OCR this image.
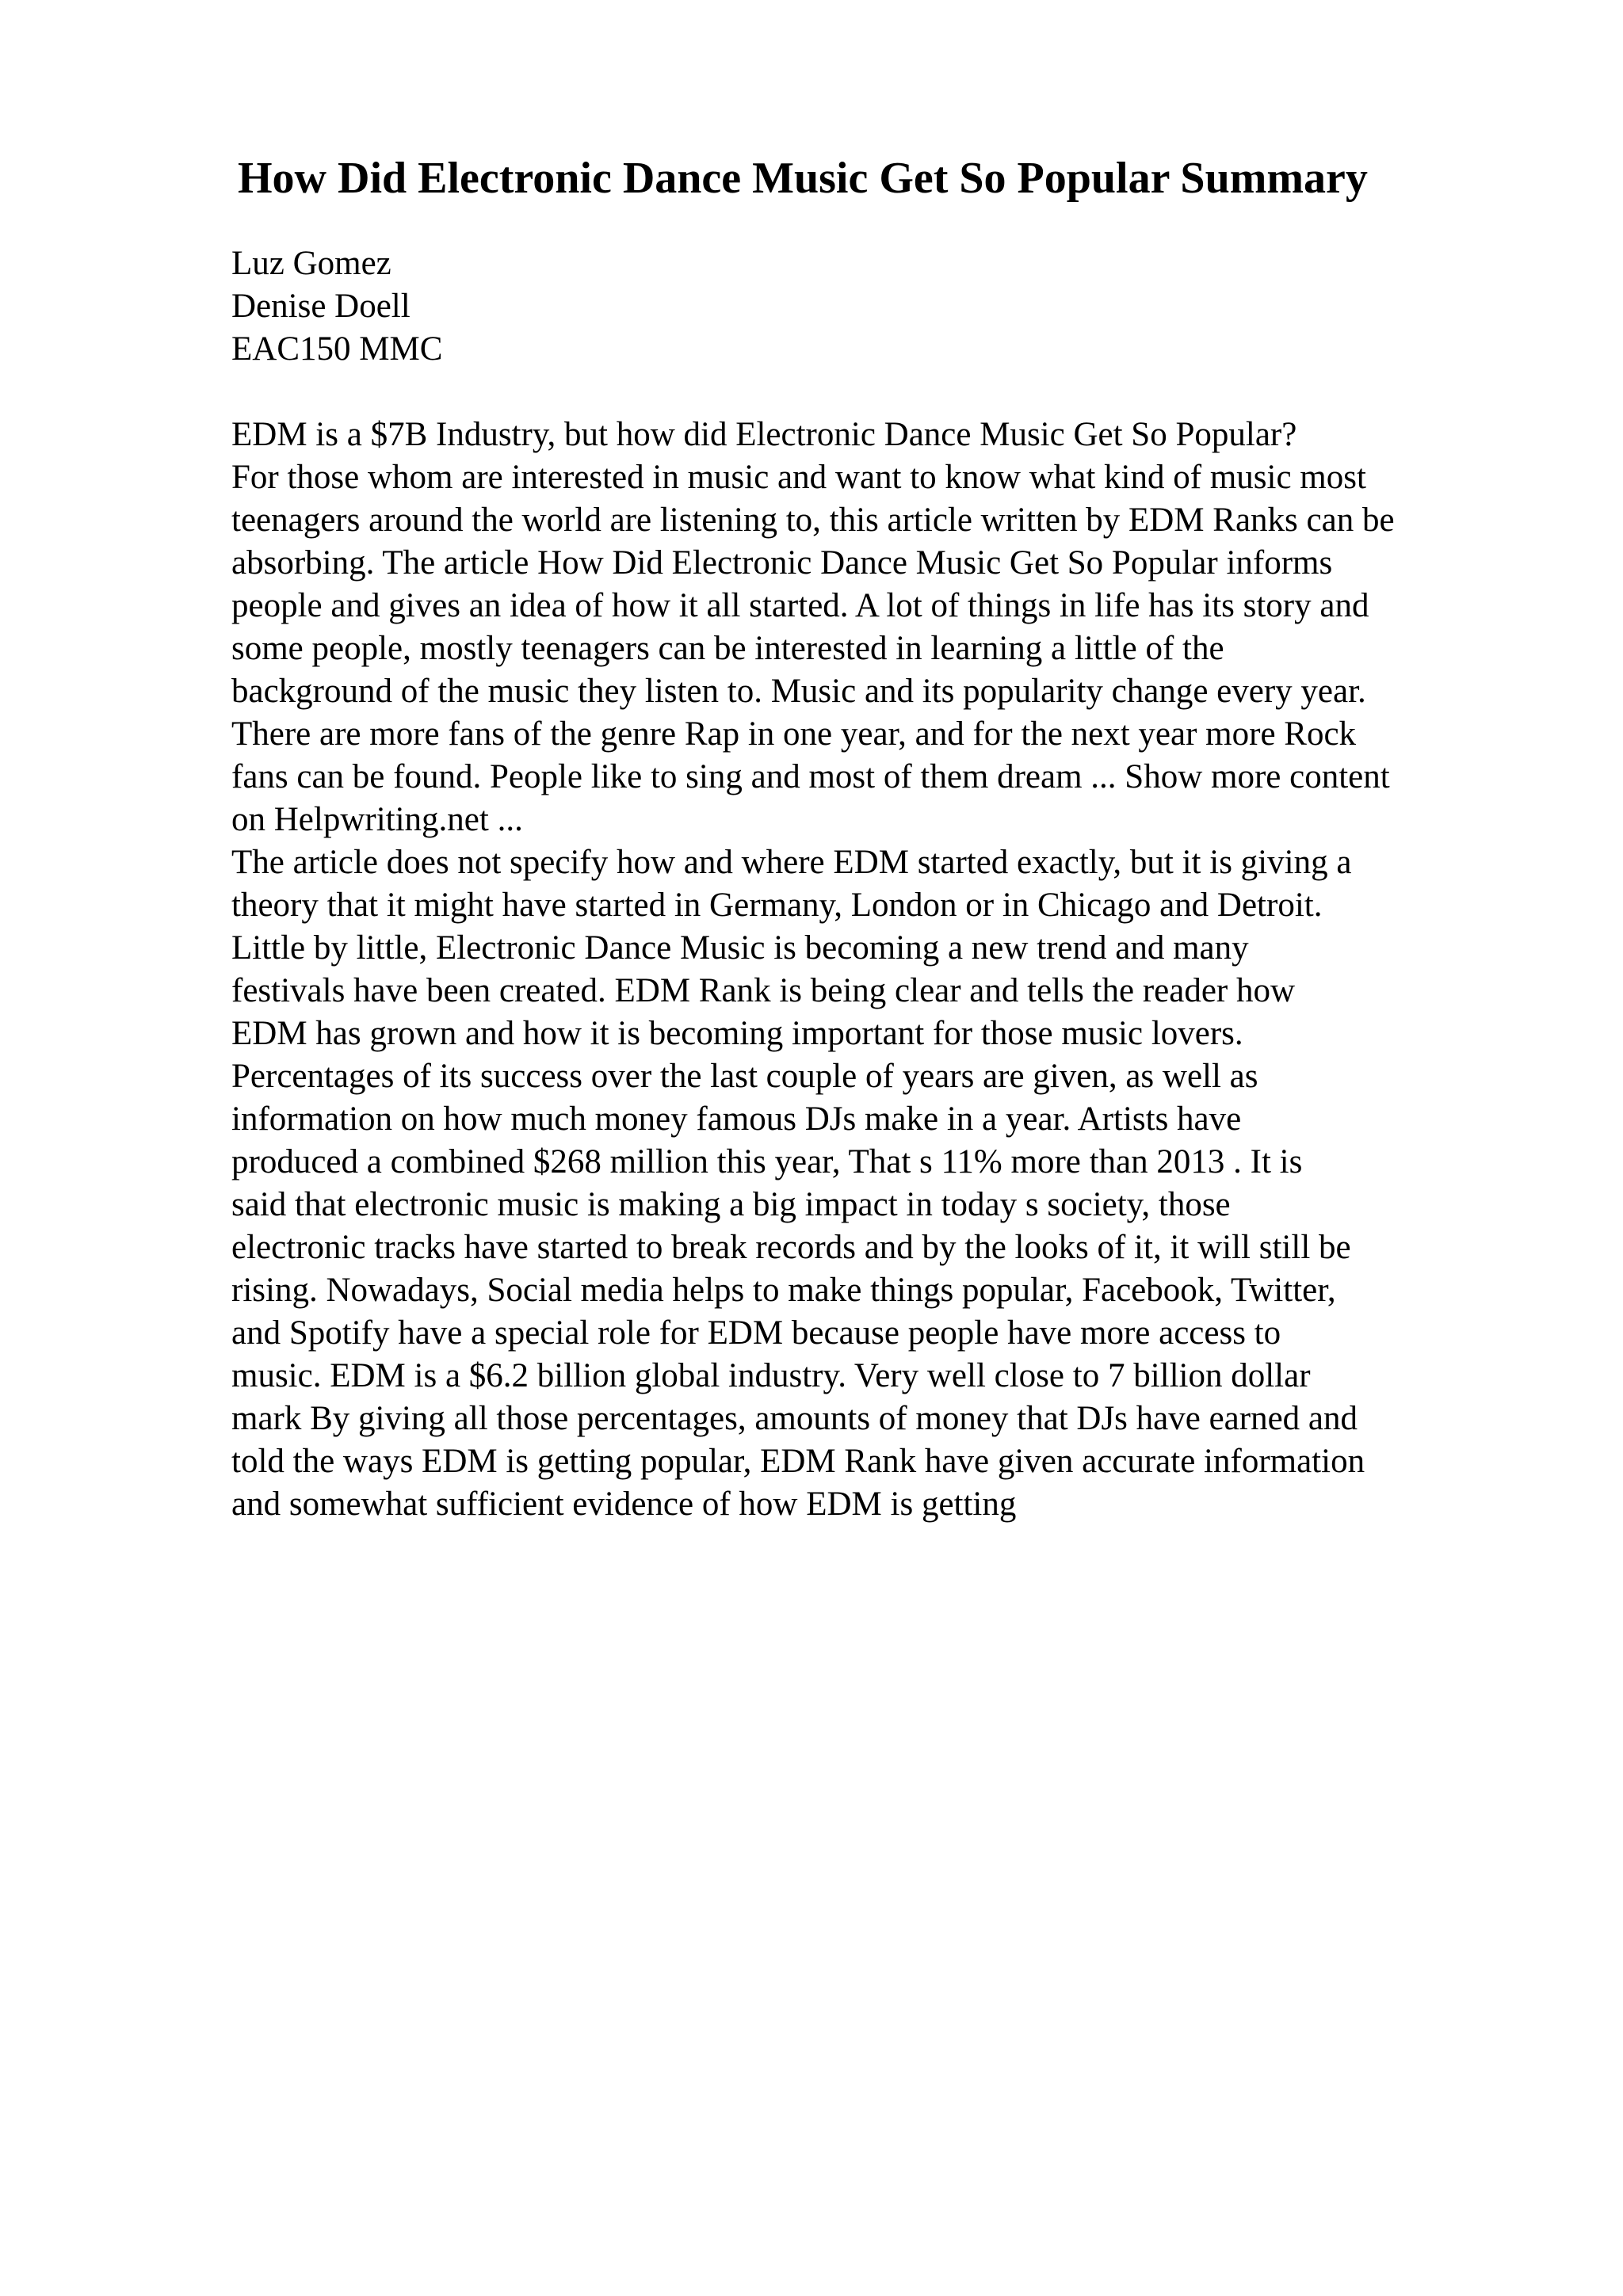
How Did Electronic Dance Music Get So Popular Summary
Luz Gomez
Denise Doell
EAC150 MMC
EDM is a $7B Industry, but how did Electronic Dance Music Get So Popular?
For those whom are interested in music and want to know what kind of music most
teenagers around the world are listening to, this article written by EDM Ranks can be
absorbing. The article How Did Electronic Dance Music Get So Popular informs
people and gives an idea of how it all started. A lot of things in life has its story and
some people, mostly teenagers can be interested in learning a little of the
background of the music they listen to. Music and its popularity change every year.
There are more fans of the genre Rap in one year, and for the next year more Rock
fans can be found. People like to sing and most of them dream ... Show more content
on Helpwriting.net ...
The article does not specify how and where EDM started exactly, but it is giving a
theory that it might have started in Germany, London or in Chicago and Detroit.
Little by little, Electronic Dance Music is becoming a new trend and many
festivals have been created. EDM Rank is being clear and tells the reader how
EDM has grown and how it is becoming important for those music lovers.
Percentages of its success over the last couple of years are given, as well as
information on how much money famous DJs make in a year. Artists have
produced a combined $268 million this year, That s 11% more than 2013 . It is
said that electronic music is making a big impact in today s society, those
electronic tracks have started to break records and by the looks of it, it will still be
rising. Nowadays, Social media helps to make things popular, Facebook, Twitter,
and Spotify have a special role for EDM because people have more access to
music. EDM is a $6.2 billion global industry. Very well close to 7 billion dollar
mark By giving all those percentages, amounts of money that DJs have earned and
told the ways EDM is getting popular, EDM Rank have given accurate information
and somewhat sufficient evidence of how EDM is getting
